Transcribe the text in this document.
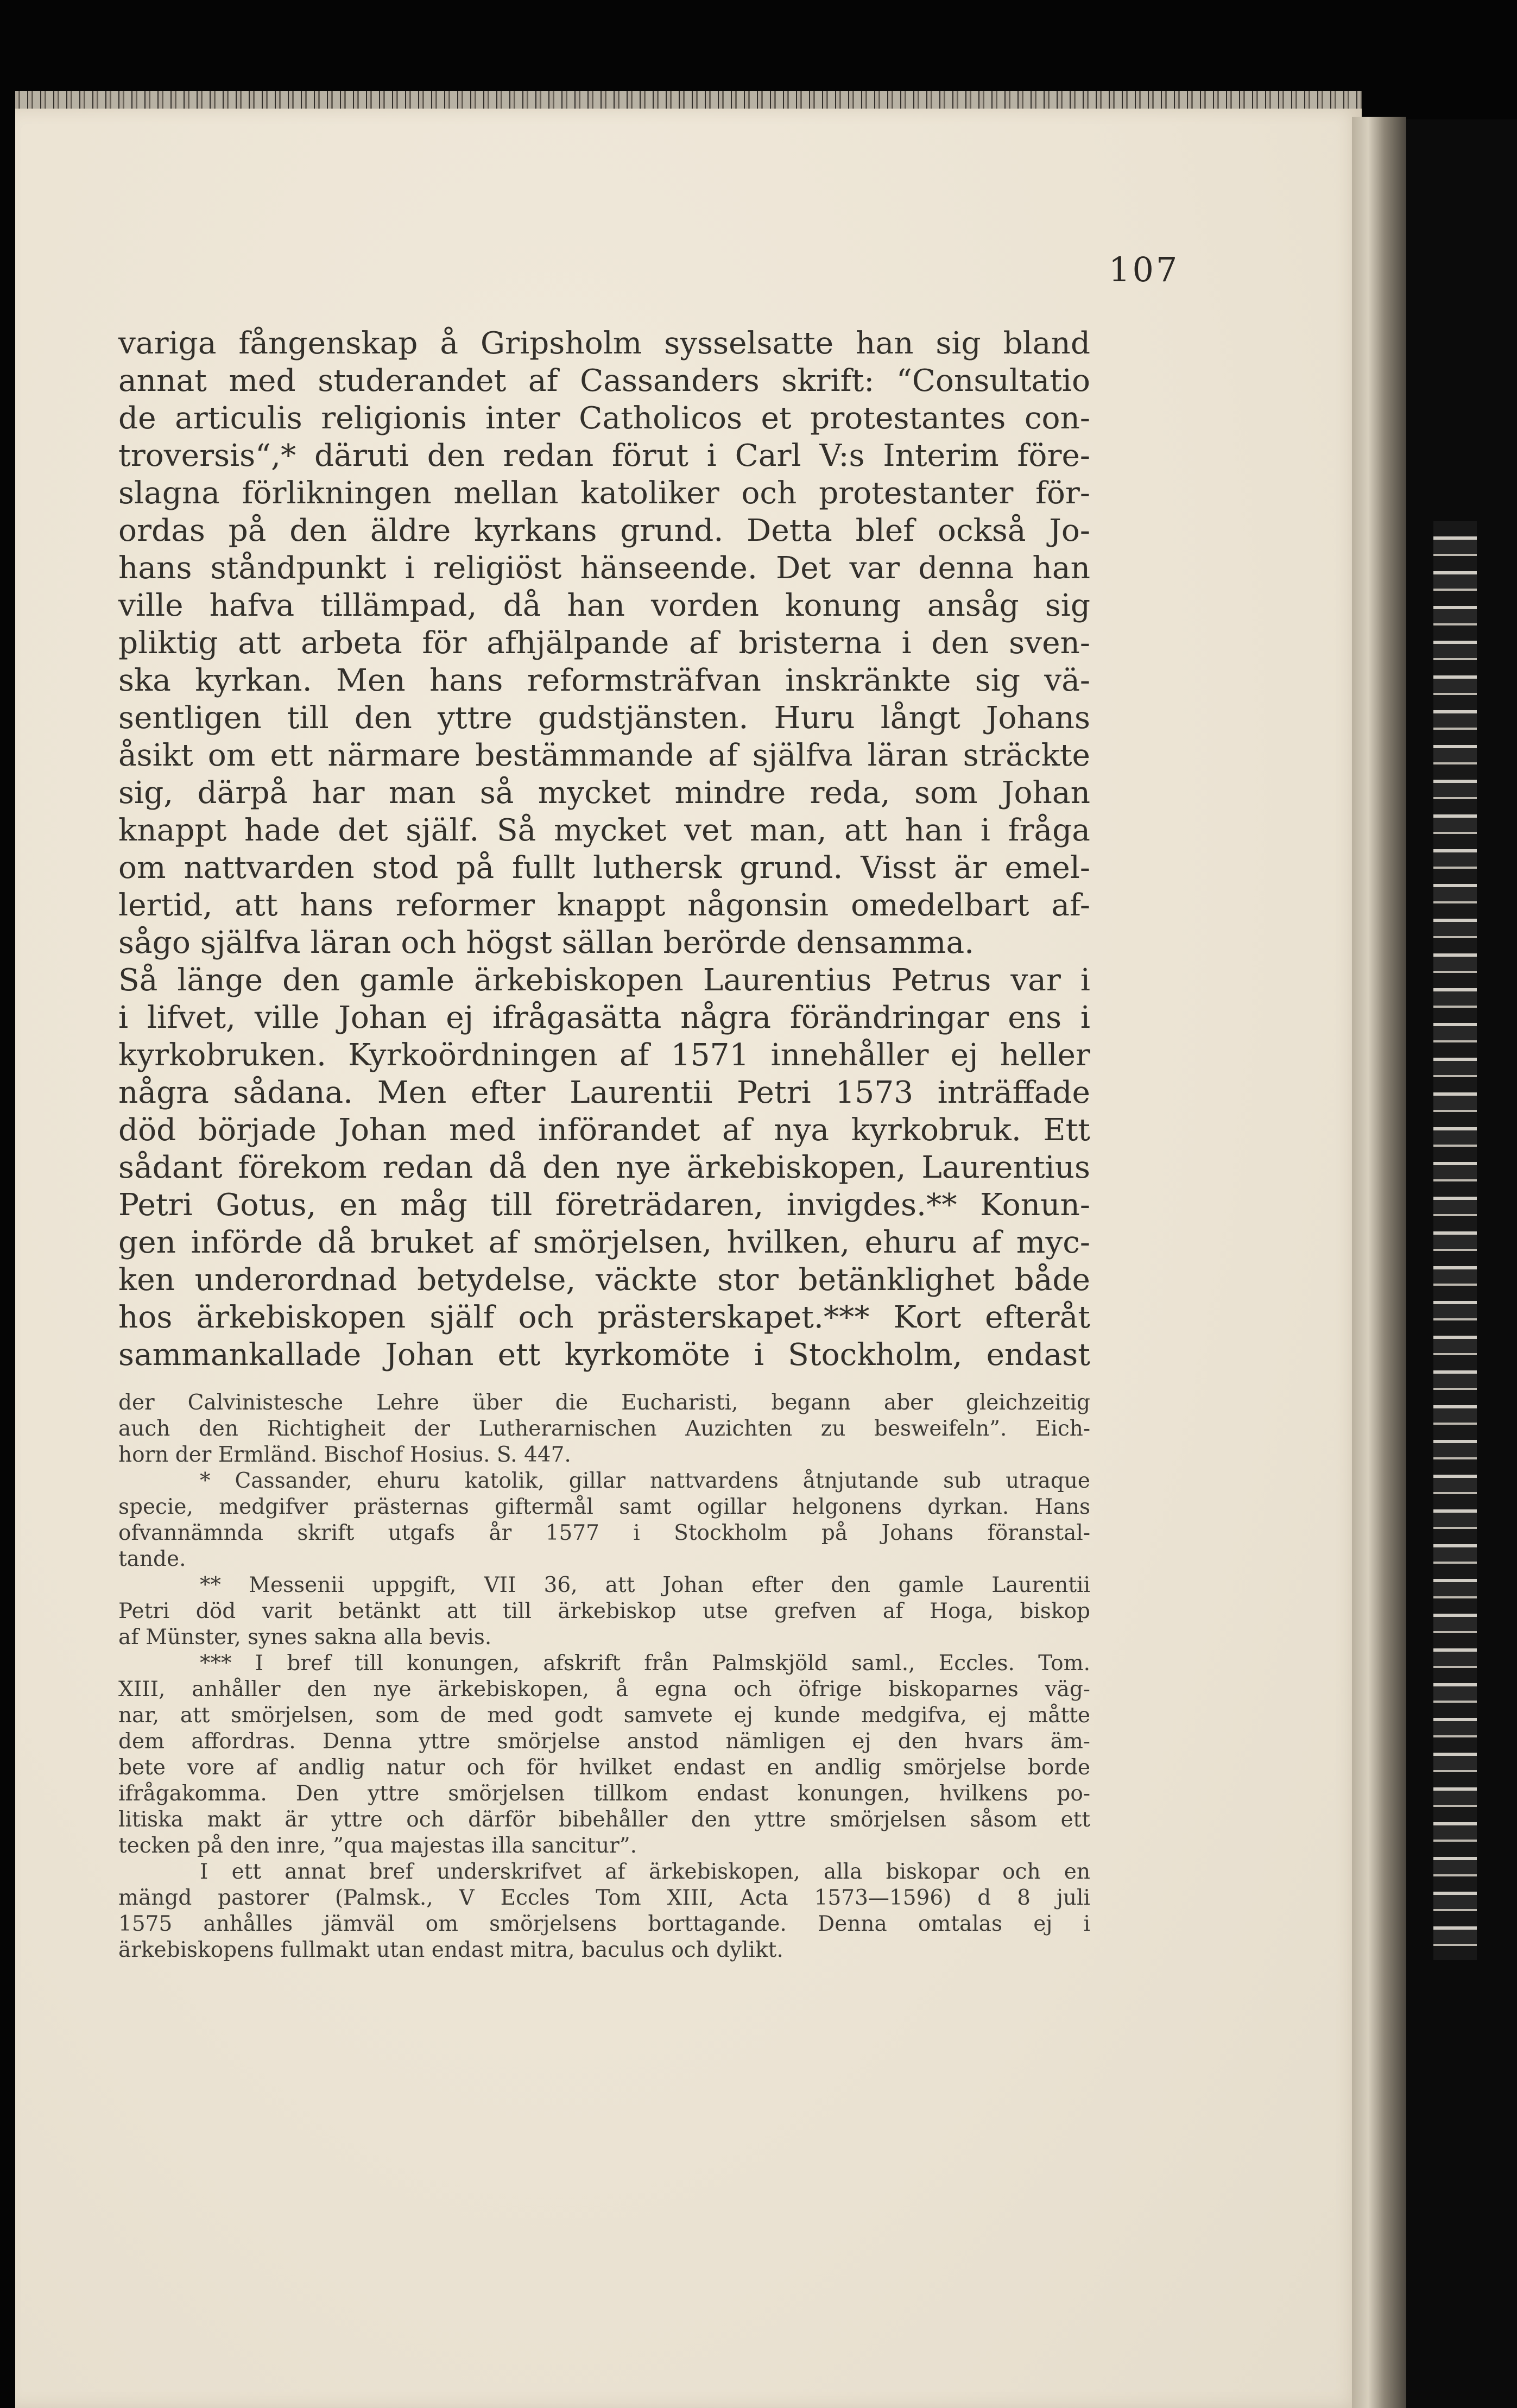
107
variga fångenskap å Gripsholm sysselsatte han sig bland
annat med studerandet af Cassanders skrift: “Consultatio
de articulis religionis inter Catholicos et protestantes con-
troversis“,* däruti den redan förut i Carl V:s Interim före-
slagna förlikningen mellan katoliker och protestanter för-
ordas på den äldre kyrkans grund. Detta blef också Jo-
hans ståndpunkt i religiöst hänseende. Det var denna han
ville hafva tillämpad, då han vorden konung ansåg sig
pliktig att arbeta för afhjälpande af bristerna i den sven-
ska kyrkan. Men hans reformsträfvan inskränkte sig vä-
sentligen till den yttre gudstjänsten. Huru långt Johans
åsikt om ett närmare bestämmande af själfva läran sträckte
sig, därpå har man så mycket mindre reda, som Johan
knappt hade det själf. Så mycket vet man, att han i fråga
om nattvarden stod på fullt luthersk grund. Visst är emel-
lertid, att hans reformer knappt någonsin omedelbart af-
sågo själfva läran och högst sällan berörde densamma.
Så länge den gamle ärkebiskopen Laurentius Petrus var i
i lifvet, ville Johan ej ifrågasätta några förändringar ens i
kyrkobruken. Kyrkoördningen af 1571 innehåller ej heller
några sådana. Men efter Laurentii Petri 1573 inträffade
död började Johan med införandet af nya kyrkobruk. Ett
sådant förekom redan då den nye ärkebiskopen, Laurentius
Petri Gotus, en måg till företrädaren, invigdes.** Konun-
gen införde då bruket af smörjelsen, hvilken, ehuru af myc-
ken underordnad betydelse, väckte stor betänklighet både
hos ärkebiskopen själf och prästerskapet.*** Kort efteråt
sammankallade Johan ett kyrkomöte i Stockholm, endast
der Calvinistesche Lehre über die Eucharisti, begann aber gleichzeitig
auch den Richtigheit der Lutherarnischen Auzichten zu besweifeln”. Eich-
horn der Ermländ. Bischof Hosius. S. 447.
* Cassander, ehuru katolik, gillar nattvardens åtnjutande sub utraque
specie, medgifver prästernas giftermål samt ogillar helgonens dyrkan. Hans
ofvannämnda skrift utgafs år 1577 i Stockholm på Johans föranstal-
tande.
** Messenii uppgift, VII 36, att Johan efter den gamle Laurentii
Petri död varit betänkt att till ärkebiskop utse grefven af Hoga, biskop
af Münster, synes sakna alla bevis.
*** I bref till konungen, afskrift från Palmskjöld saml., Eccles. Tom.
XIII, anhåller den nye ärkebiskopen, å egna och öfrige biskoparnes väg-
nar, att smörjelsen, som de med godt samvete ej kunde medgifva, ej måtte
dem affordras. Denna yttre smörjelse anstod nämligen ej den hvars äm-
bete vore af andlig natur och för hvilket endast en andlig smörjelse borde
ifrågakomma. Den yttre smörjelsen tillkom endast konungen, hvilkens po-
litiska makt är yttre och därför bibehåller den yttre smörjelsen såsom ett
tecken på den inre, ”qua majestas illa sancitur”.
I ett annat bref underskrifvet af ärkebiskopen, alla biskopar och en
mängd pastorer (Palmsk., V Eccles Tom XIII, Acta 1573—1596) d 8 juli
1575 anhålles jämväl om smörjelsens borttagande. Denna omtalas ej i
ärkebiskopens fullmakt utan endast mitra, baculus och dylikt.
